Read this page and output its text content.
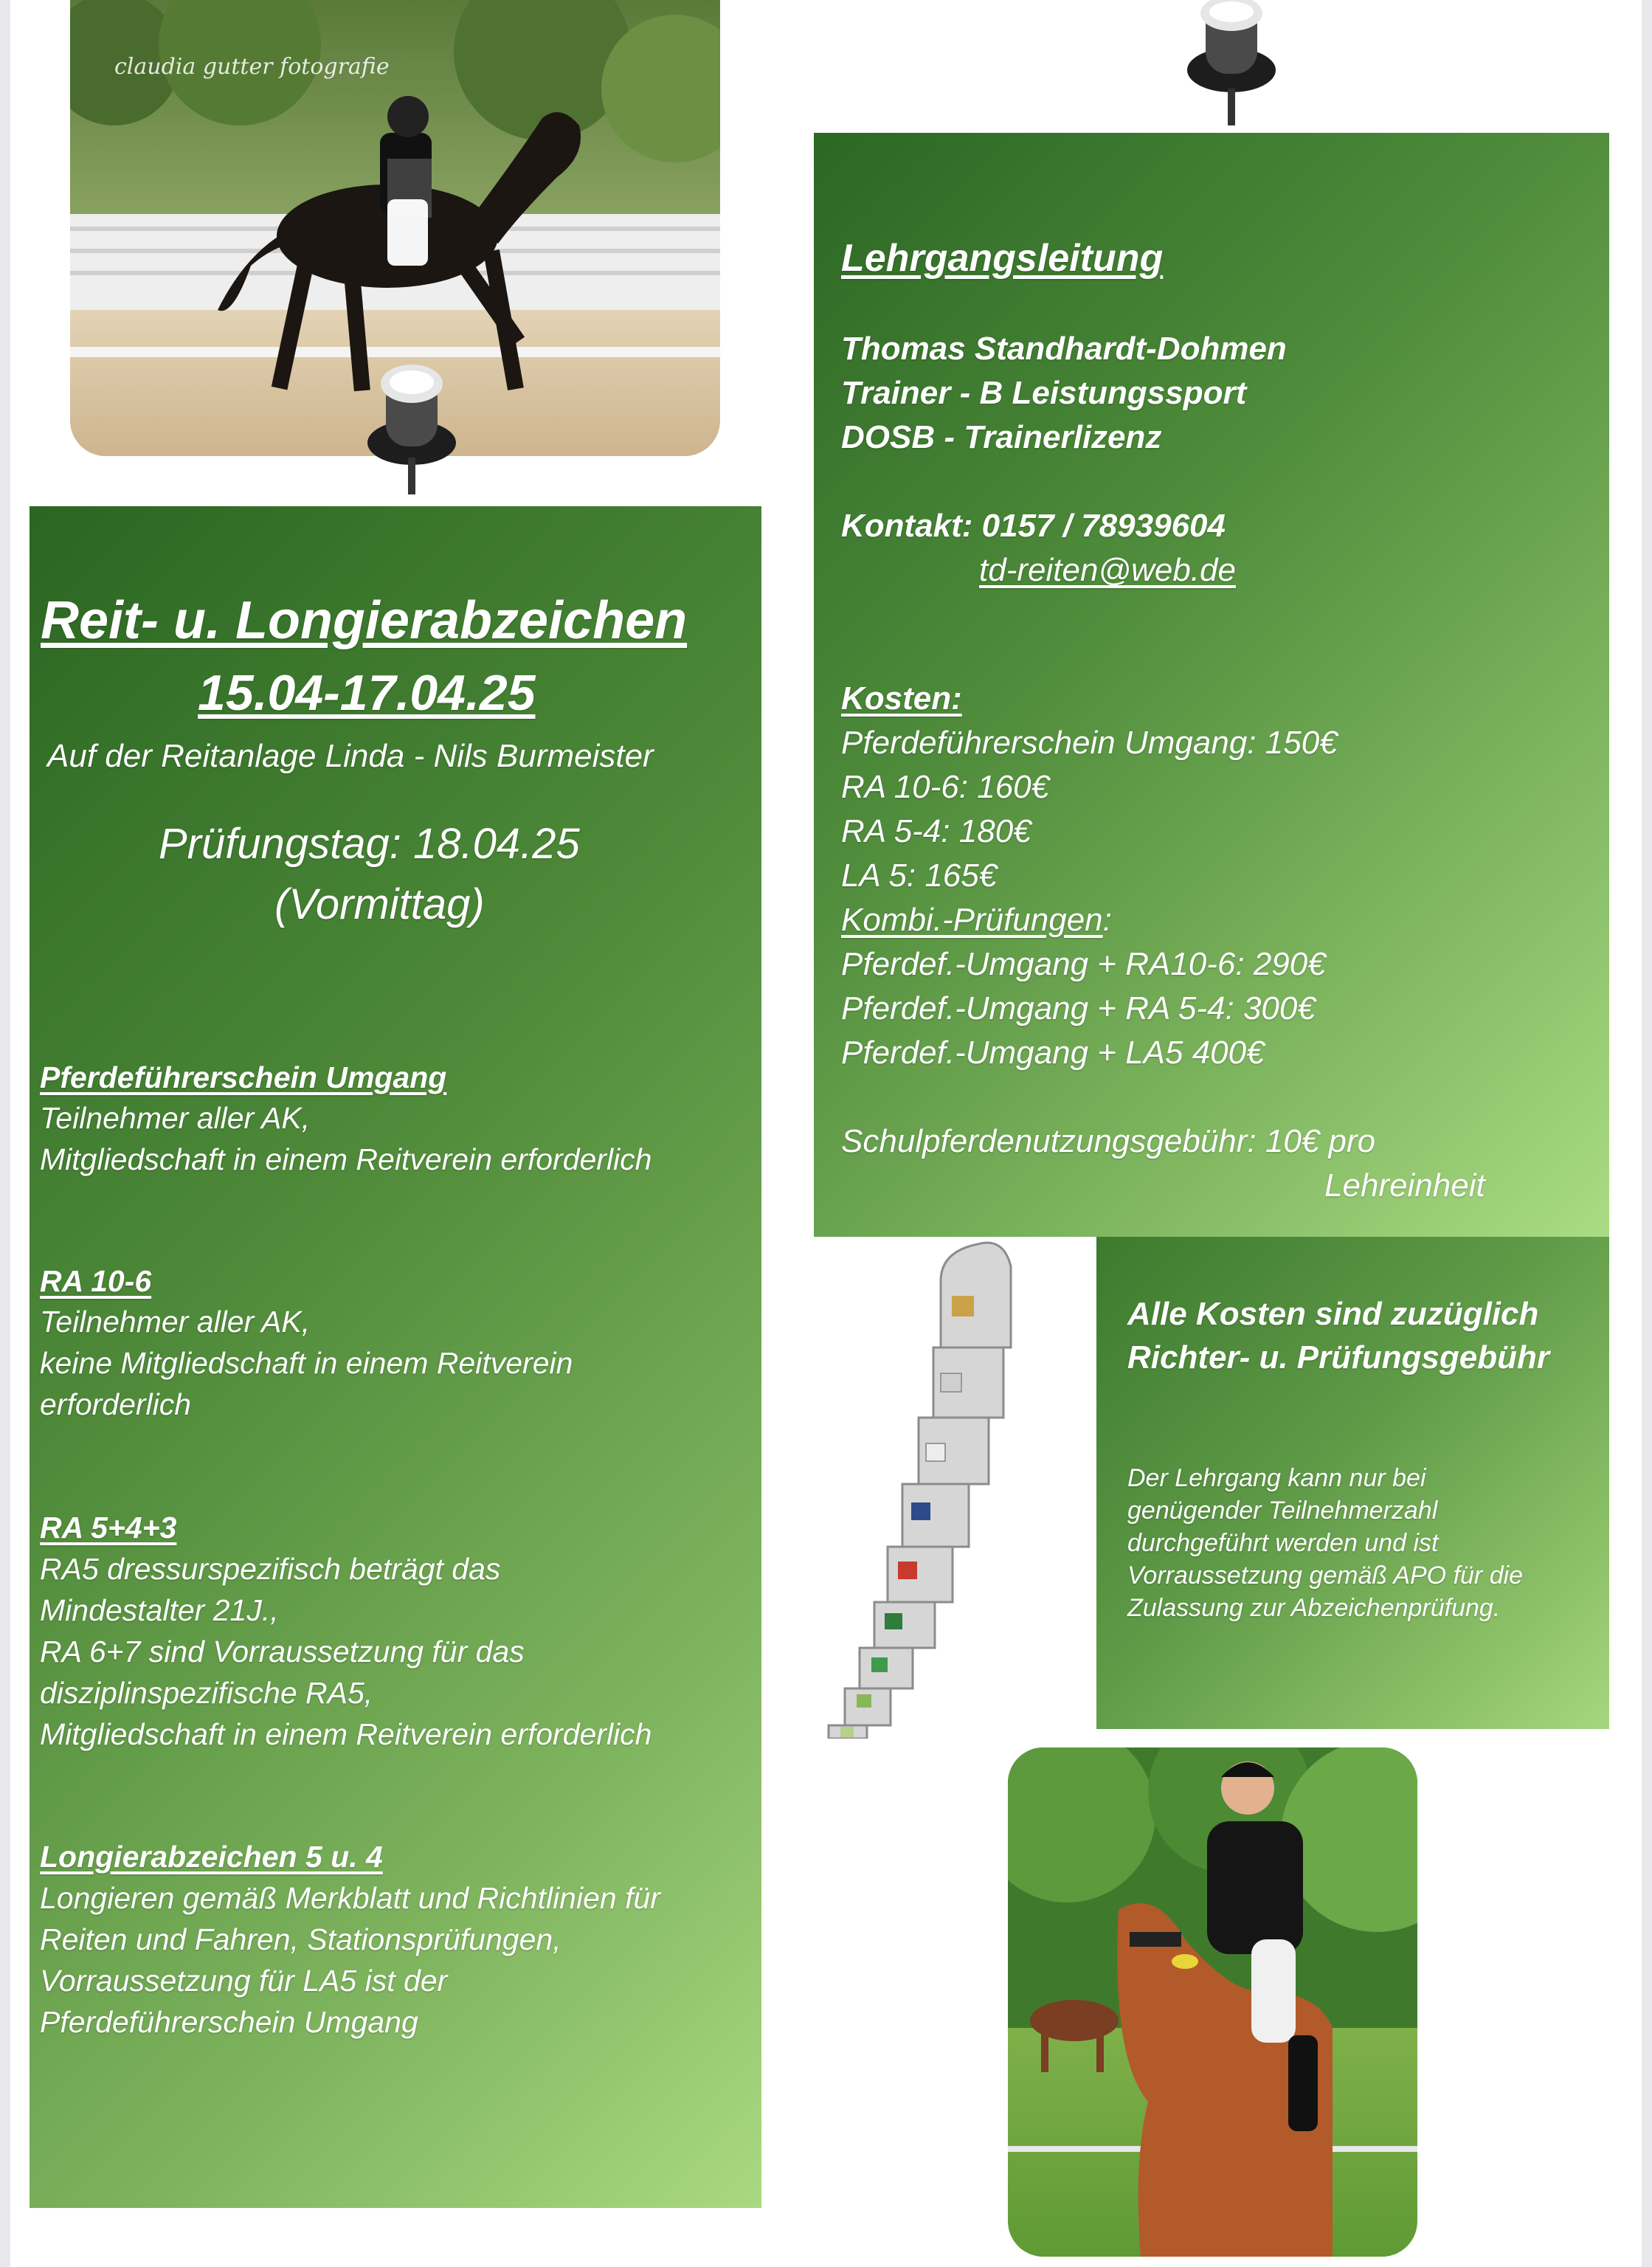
claudia gutter fotografie
Reit- u. Longierabzeichen
15.04-17.04.25
Auf der Reitanlage Linda - Nils Burmeister
Prüfungstag: 18.04.25
(Vormittag)
Pferdeführerschein Umgang
Teilnehmer aller AK,
Mitgliedschaft in einem Reitverein erforderlich
RA 10-6
Teilnehmer aller AK,
keine Mitgliedschaft in einem Reitverein
erforderlich
RA 5+4+3
RA5 dressurspezifisch beträgt das
Mindestalter 21J.,
RA 6+7 sind Vorraussetzung für das
disziplinspezifische RA5,
Mitgliedschaft in einem Reitverein erforderlich
Longierabzeichen 5 u. 4
Longieren gemäß Merkblatt und Richtlinien für
Reiten und Fahren, Stationsprüfungen,
Vorraussetzung für LA5 ist der
Pferdeführerschein Umgang
Lehrgangsleitung
Thomas Standhardt-Dohmen
Trainer - B Leistungssport
DOSB - Trainerlizenz
Kontakt: 0157 / 78939604
td-reiten@web.de
Kosten:
Pferdeführerschein Umgang: 150€
RA 10-6: 160€
RA 5-4: 180€
LA 5: 165€
Kombi.-Prüfungen:
Pferdef.-Umgang + RA10-6: 290€
Pferdef.-Umgang + RA 5-4: 300€
Pferdef.-Umgang + LA5 400€
Schulpferdenutzungsgebühr: 10€ pro
Lehreinheit
Alle Kosten sind zuzüglich
Richter- u. Prüfungsgebühr
Der Lehrgang kann nur bei
genügender Teilnehmerzahl
durchgeführt werden und ist
Vorraussetzung gemäß APO für die
Zulassung zur Abzeichenprüfung.
